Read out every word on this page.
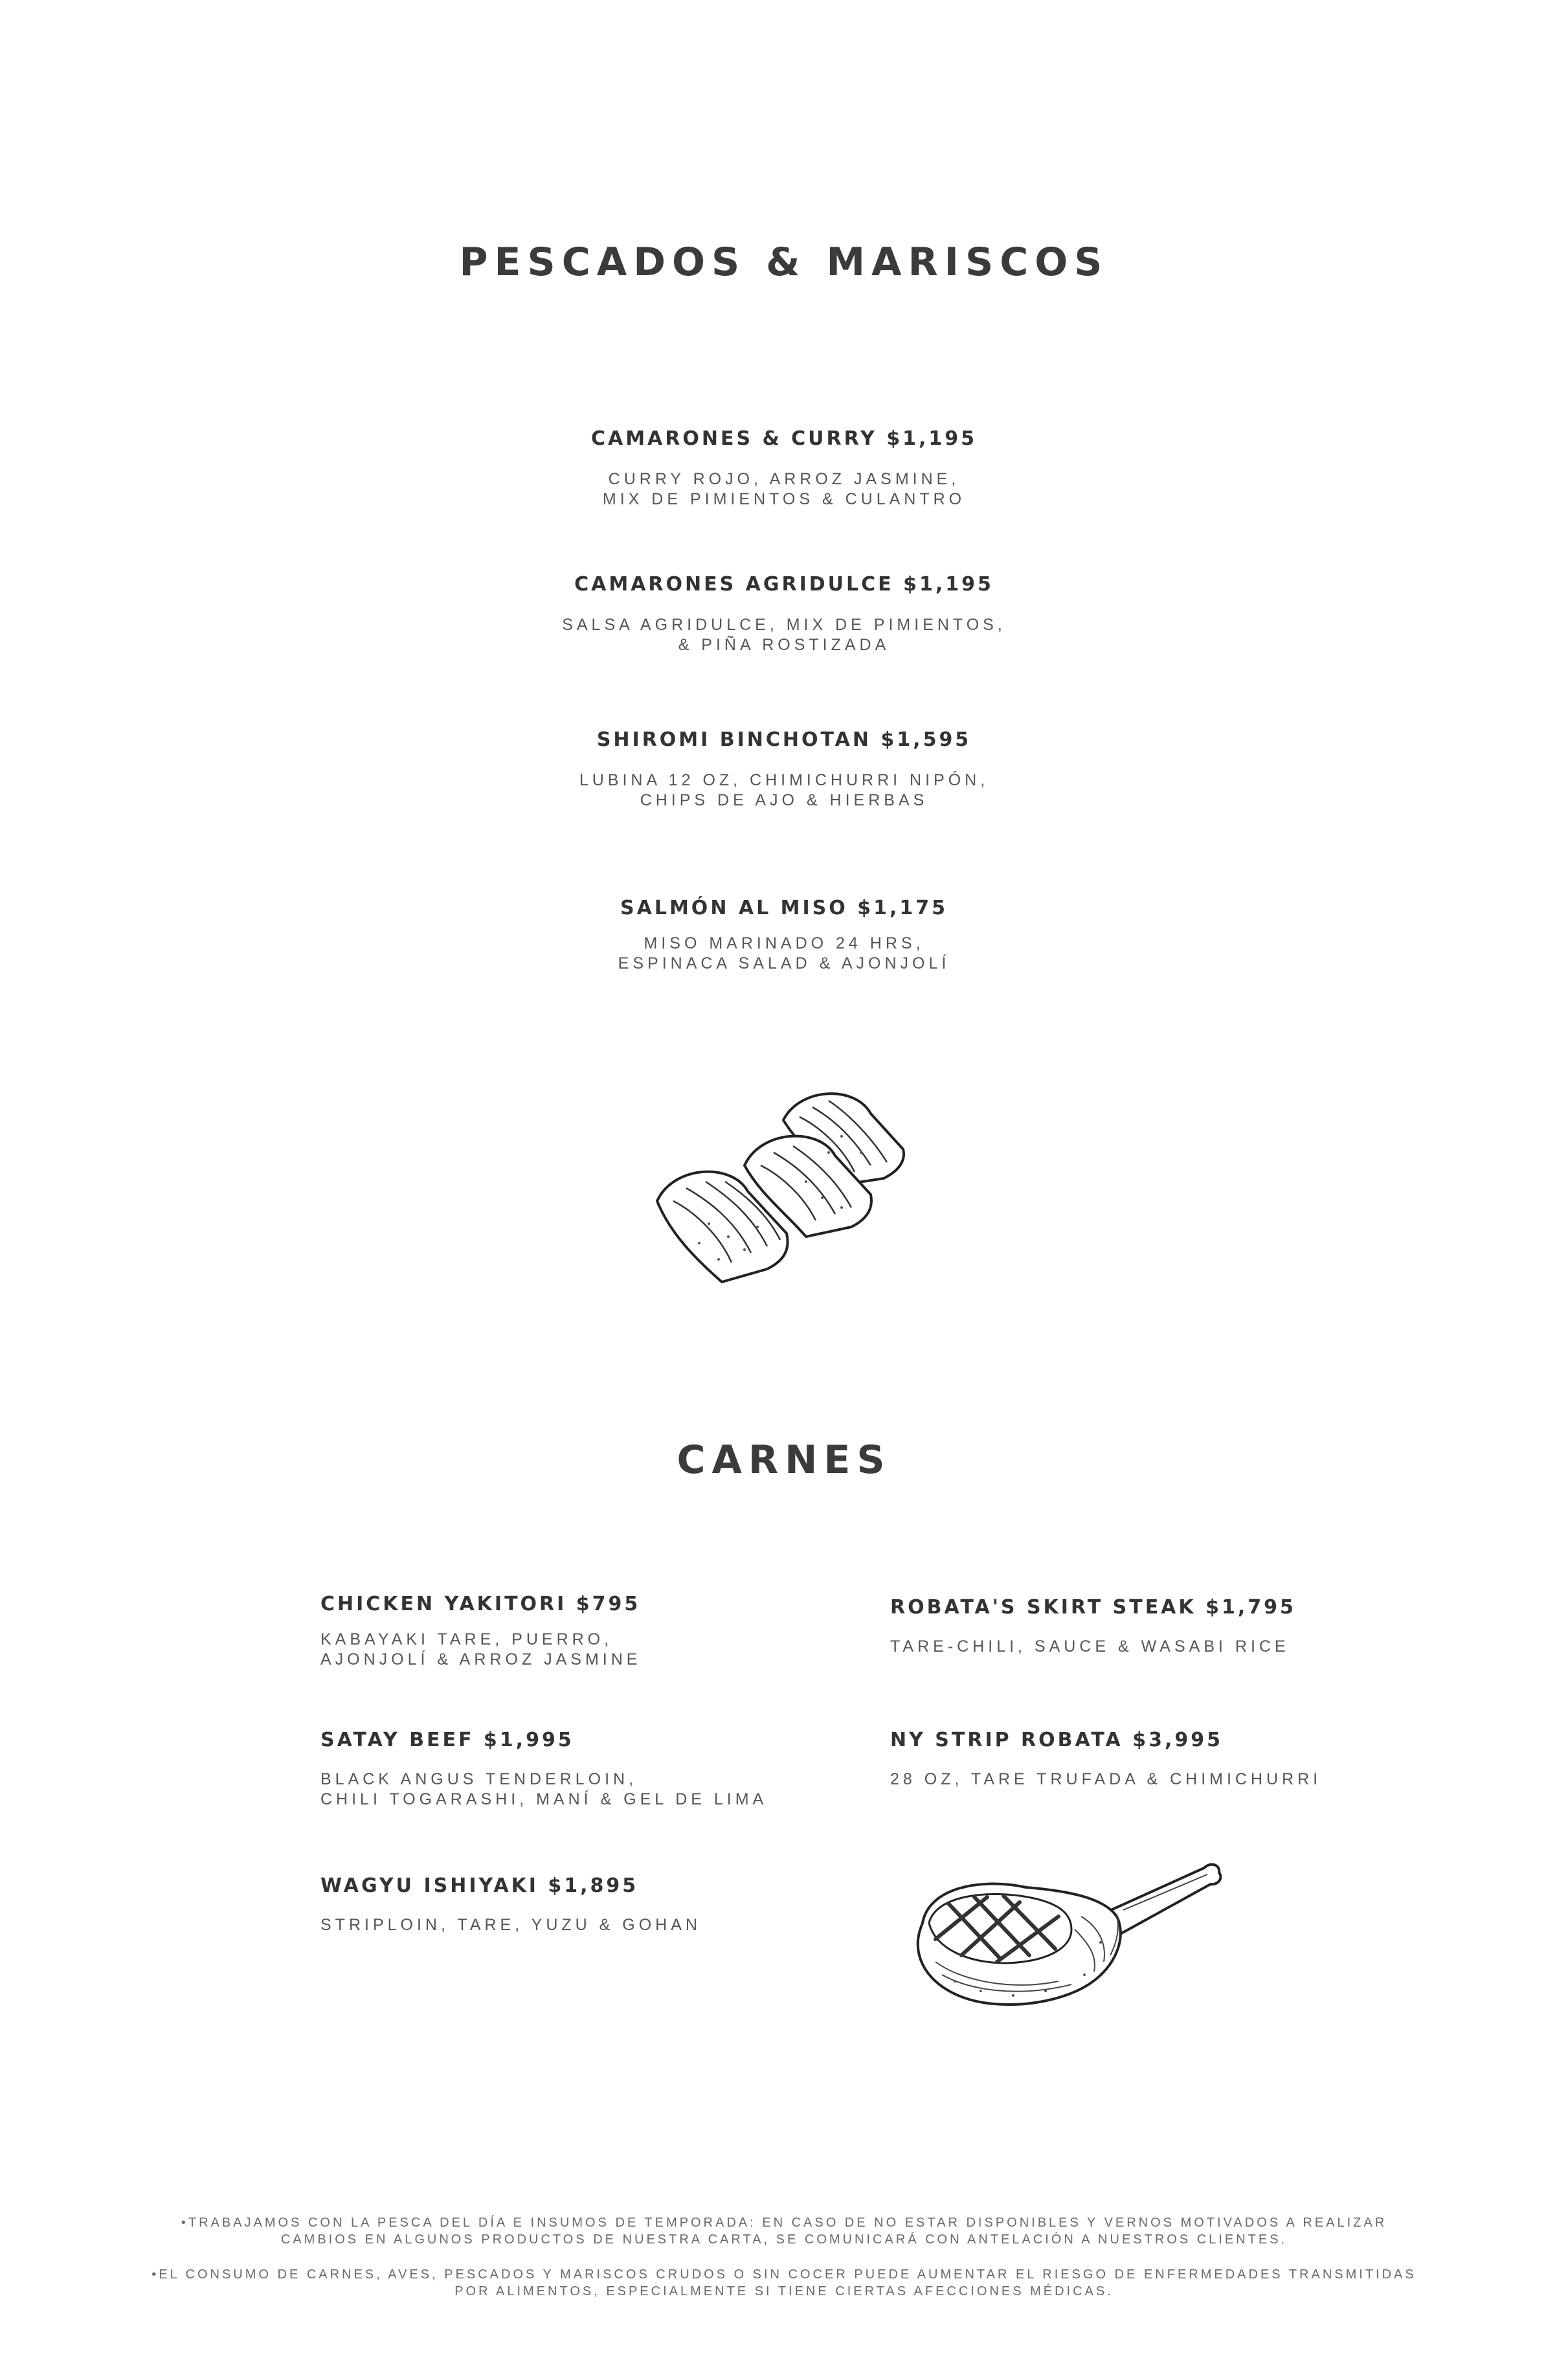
PESCADOS & MARISCOS

CAMARONES & CURRY $1,195

CURRY ROJO, ARROZ JASMINE,
MIX DE PIMIENTOS & CULANTRO

CAMARONES AGRIDULCE $1,195

SALSA AGRIDULCE, MIX DE PIMIENTOS,
& PIÑA ROSTIZADA

SHIROMI BINCHOTAN $1,595

LUBINA 12 OZ, CHIMICHURRI NIPÓN,
CHIPS DE AJO & HIERBAS

SALMÓN AL MISO $1,175

MISO MARINADO 24 HRS,
ESPINACA SALAD & AJONJOLÍ

CARNES

CHICKEN YAKITORI $795

KABAYAKI TARE, PUERRO,
AJONJOLÍ & ARROZ JASMINE

SATAY BEEF $1,995

BLACK ANGUS TENDERLOIN,
CHILI TOGARASHI, MANÍ & GEL DE LIMA

WAGYU ISHIYAKI $1,895

STRIPLOIN, TARE, YUZU & GOHAN

ROBATA'S SKIRT STEAK $1,795

TARE-CHILI, SAUCE & WASABI RICE

NY STRIP ROBATA $3,995

28 OZ, TARE TRUFADA & CHIMICHURRI

•TRABAJAMOS CON LA PESCA DEL DÍA E INSUMOS DE TEMPORADA: EN CASO DE NO ESTAR DISPONIBLES Y VERNOS MOTIVADOS A REALIZAR
CAMBIOS EN ALGUNOS PRODUCTOS DE NUESTRA CARTA, SE COMUNICARÁ CON ANTELACIÓN A NUESTROS CLIENTES.

•EL CONSUMO DE CARNES, AVES, PESCADOS Y MARISCOS CRUDOS O SIN COCER PUEDE AUMENTAR EL RIESGO DE ENFERMEDADES TRANSMITIDAS
POR ALIMENTOS, ESPECIALMENTE SI TIENE CIERTAS AFECCIONES MÉDICAS.
